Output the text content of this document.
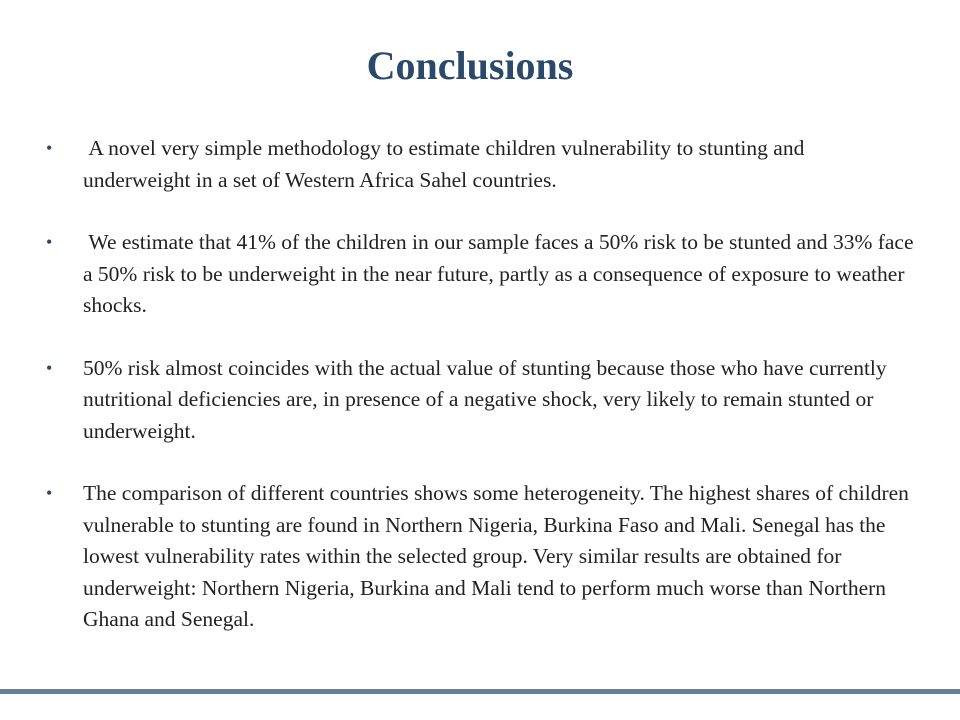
Conclusions
•	A novel very simple methodology to estimate children vulnerability to stunting and underweight in a set of Western Africa Sahel countries.
•	We estimate that 41% of the children in our sample faces a 50% risk to be stunted and 33% face a 50% risk to be underweight in the near future, partly as a consequence of exposure to weather shocks.
•	50% risk almost coincides with the actual value of stunting because those who have currently nutritional deficiencies are, in presence of a negative shock, very likely to remain stunted or underweight.
•	The comparison of different countries shows some heterogeneity. The highest shares of children vulnerable to stunting are found in Northern Nigeria, Burkina Faso and Mali. Senegal has the lowest vulnerability rates within the selected group. Very similar results are obtained for underweight: Northern Nigeria, Burkina and Mali tend to perform much worse than Northern Ghana and Senegal.
